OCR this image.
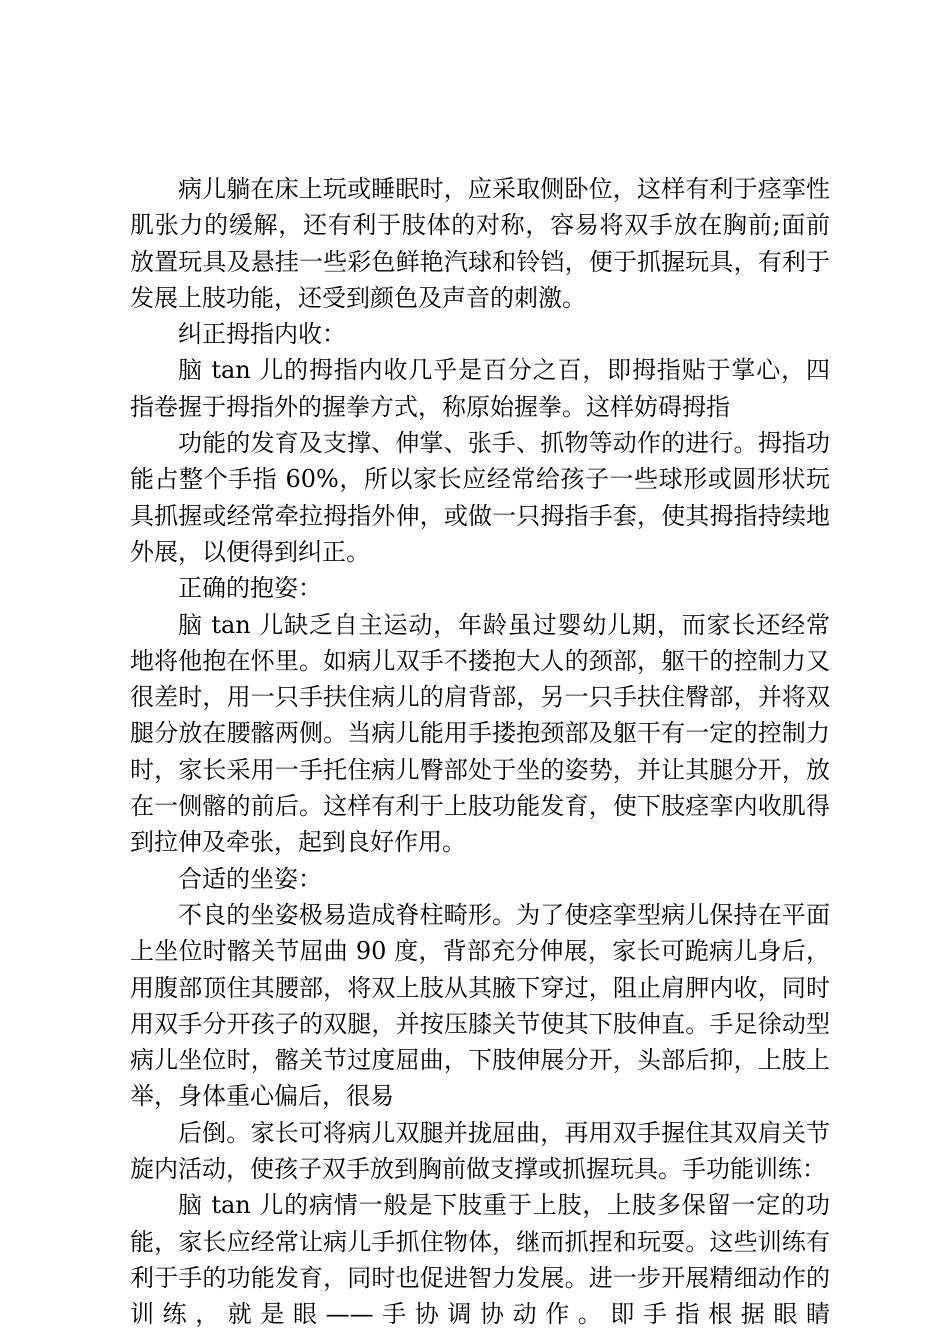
病儿躺在床上玩或睡眠时，应采取侧卧位，这样有利于痉挛性肌张力的缓解，还有利于肢体的对称，容易将双手放在胸前;面前放置玩具及悬挂一些彩色鲜艳汽球和铃铛，便于抓握玩具，有利于发展上肢功能，还受到颜色及声音的刺激。

纠正拇指内收：

脑 tan 儿的拇指内收几乎是百分之百，即拇指贴于掌心，四指卷握于拇指外的握拳方式，称原始握拳。这样妨碍拇指

功能的发育及支撑、伸掌、张手、抓物等动作的进行。拇指功能占整个手指 60%，所以家长应经常给孩子一些球形或圆形状玩具抓握或经常牵拉拇指外伸，或做一只拇指手套，使其拇指持续地外展，以便得到纠正。

正确的抱姿：

脑 tan 儿缺乏自主运动，年龄虽过婴幼儿期，而家长还经常地将他抱在怀里。如病儿双手不搂抱大人的颈部，躯干的控制力又很差时，用一只手扶住病儿的肩背部，另一只手扶住臀部，并将双腿分放在腰髂两侧。当病儿能用手搂抱颈部及躯干有一定的控制力时，家长采用一手托住病儿臀部处于坐的姿势，并让其腿分开，放在一侧髂的前后。这样有利于上肢功能发育，使下肢痉挛内收肌得到拉伸及牵张，起到良好作用。

合适的坐姿：

不良的坐姿极易造成脊柱畸形。为了使痉挛型病儿保持在平面上坐位时髂关节屈曲 90 度，背部充分伸展，家长可跪病儿身后，用腹部顶住其腰部，将双上肢从其腋下穿过，阻止肩胛内收，同时用双手分开孩子的双腿，并按压膝关节使其下肢伸直。手足徐动型病儿坐位时，髂关节过度屈曲，下肢伸展分开，头部后抑，上肢上举，身体重心偏后，很易

后倒。家长可将病儿双腿并拢屈曲，再用双手握住其双肩关节旋内活动，使孩子双手放到胸前做支撑或抓握玩具。手功能训练：

脑 tan 儿的病情一般是下肢重于上肢，上肢多保留一定的功能，家长应经常让病儿手抓住物体，继而抓捏和玩耍。这些训练有利于手的功能发育，同时也促进智力发展。进一步开展精细动作的训练，就是眼——手协调协动作。即手指根据眼睛
